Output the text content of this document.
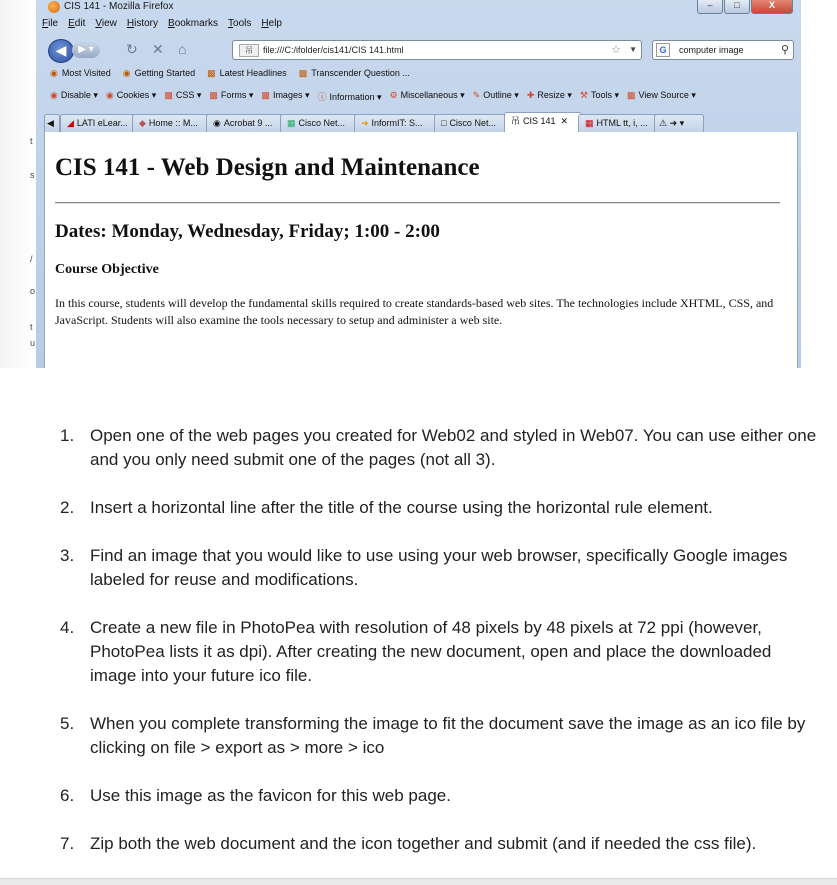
t
s
/
o
t
u
CIS 141 - Mozilla Firefox	–	□	X
File Edit View History Bookmarks Tools Help
◀	▶ ▾	↻ ✕ ⌂	吊	file:///C:/ifolder/cis141/CIS 141.html	☆ ▼	G	computer image	⚲
◉ Most Visited ◉ Getting Started ▩ Latest Headlines ▩ Transcender Question ...
◉ Disable ▾ ◉ Cookies ▾ ▩ CSS ▾ ▩ Forms ▾ ▩ Images ▾ ⓘ Information ▾ ⚙ Miscellaneous ▾ ✎ Outline ▾ ✚ Resize ▾ ⚒ Tools ▾ ▩ View Source ▾
◀	◢ LATI eLear...	◆ Home :: M...	◉ Acrobat 9 ...	▦ Cisco Net...	➜ InformIT: S...	□ Cisco Net...	吊 CIS 141  ✕	▦ HTML tt, i, ...	⚠ ➜ ▾
CIS 141 - Web Design and Maintenance
Dates: Monday, Wednesday, Friday; 1:00 - 2:00
Course Objective

In this course, students will develop the fundamental skills required to create standards-based web sites. The technologies include XHTML, CSS, and JavaScript. Students will also examine the tools necessary to setup and administer a web site.

1. Open one of the web pages you created for Web02 and styled in Web07. You can use either one and you only need submit one of the pages (not all 3).
2. Insert a horizontal line after the title of the course using the horizontal rule element.
3. Find an image that you would like to use using your web browser, specifically Google images labeled for reuse and modifications.
4. Create a new file in PhotoPea with resolution of 48 pixels by 48 pixels at 72 ppi (however, PhotoPea lists it as dpi). After creating the new document, open and place the downloaded image into your future ico file.
5. When you complete transforming the image to fit the document save the image as an ico file by clicking on file > export as > more > ico
6. Use this image as the favicon for this web page.
7. Zip both the web document and the icon together and submit (and if needed the css file).
